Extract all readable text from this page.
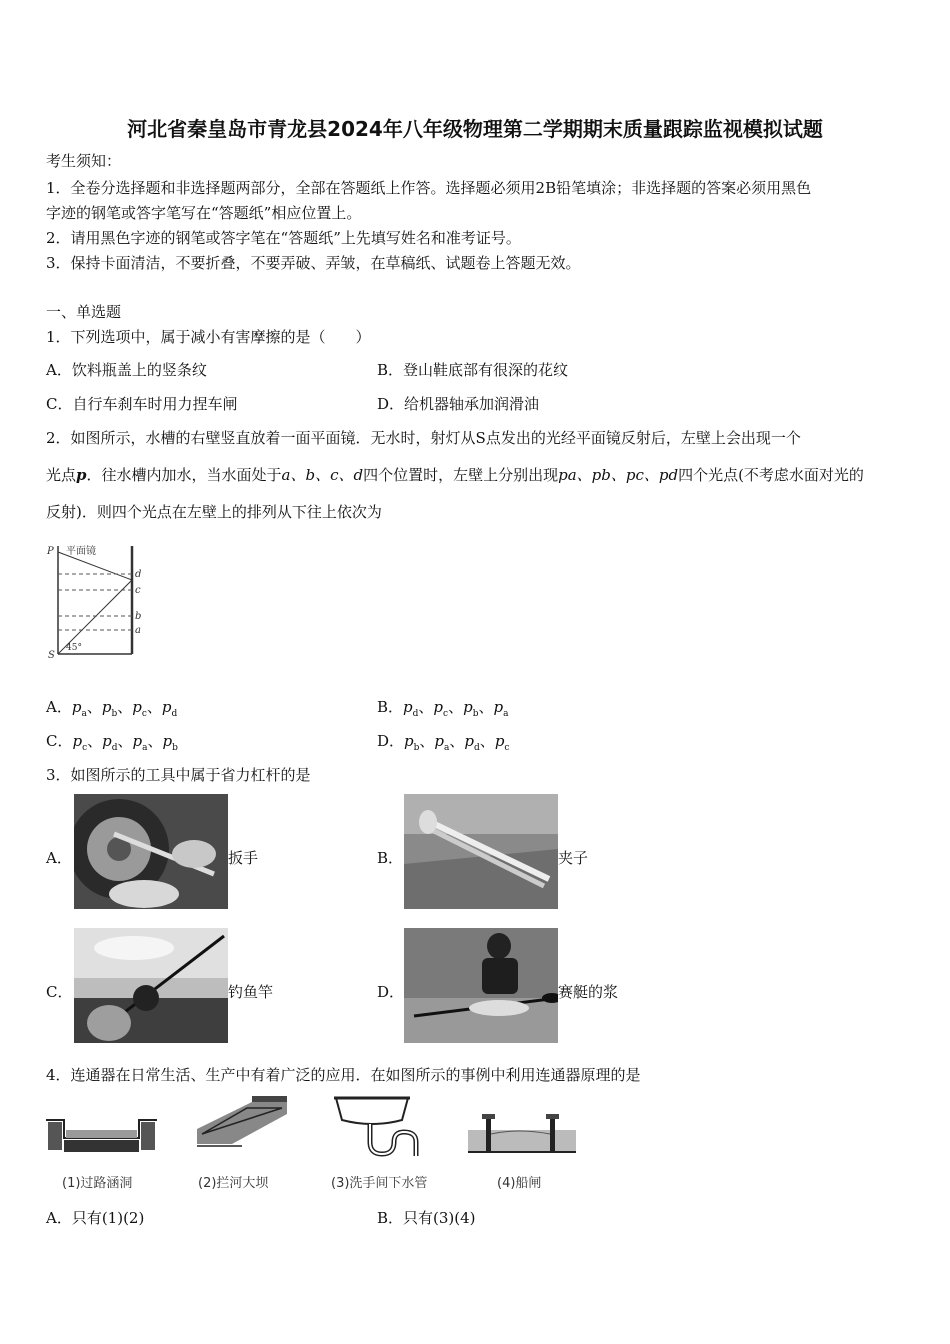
河北省秦皇岛市青龙县2024年八年级物理第二学期期末质量跟踪监视模拟试题
考生须知：
1．全卷分选择题和非选择题两部分，全部在答题纸上作答。选择题必须用2B铅笔填涂；非选择题的答案必须用黑色
字迹的钢笔或答字笔写在“答题纸”相应位置上。
2．请用黑色字迹的钢笔或答字笔在“答题纸”上先填写姓名和准考证号。
3．保持卡面清洁，不要折叠，不要弄破、弄皱，在草稿纸、试题卷上答题无效。
一、单选题
1．下列选项中，属于减小有害摩擦的是（　　）
A．饮料瓶盖上的竖条纹	B．登山鞋底部有很深的花纹
C．自行车刹车时用力捏车闸	D．给机器轴承加润滑油
2．如图所示，水槽的右壁竖直放着一面平面镜．无水时，射灯从S点发出的光经平面镜反射后，左壁上会出现一个
光点p．往水槽内加水，当水面处于a、b、c、d四个位置时，左壁上分别出现pa、pb、pc、pd四个光点(不考虑水面对光的
反射)．则四个光点在左壁上的排列从下往上依次为
P 平面镜
d
c
b
a
S
45°
A．$p_a$、$p_b$、$p_c$、$p_d$	B．$p_d$、$p_c$、$p_b$、$p_a$
C．$p_c$、$p_d$、$p_a$、$p_b$	D．$p_b$、$p_a$、$p_d$、$p_c$
3．如图所示的工具中属于省力杠杆的是
A．	扳手	B．	夹子
C．	钓鱼竿	D．	赛艇的浆
4．连通器在日常生活、生产中有着广泛的应用．在如图所示的事例中利用连通器原理的是
(1)过路涵洞	(2)拦河大坝	(3)洗手间下水管	(4)船闸
A．只有(1)(2)	B．只有(3)(4)
